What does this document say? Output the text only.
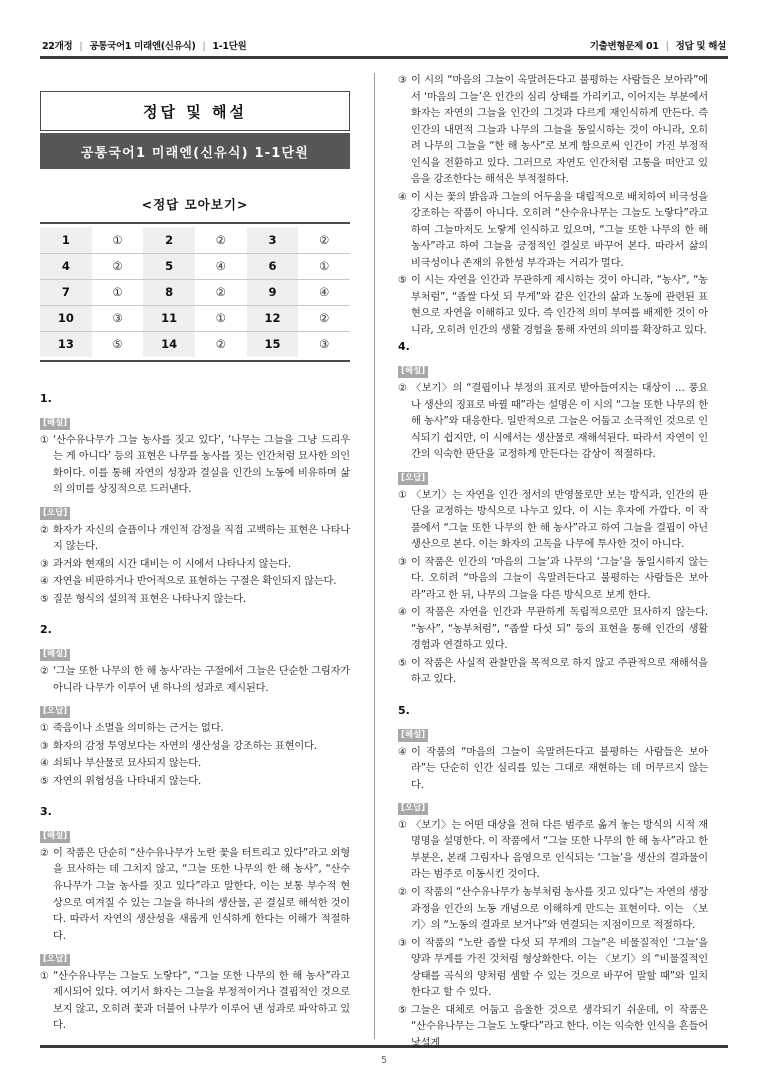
22개정 | 공통국어1 미래엔(신유식) | 1-1단원	기출변형문제 01 | 정답 및 해설
정답 및 해설
공통국어1 미래엔(신유식) 1-1단원
<정답 모아보기>
1	①	2	②	3	②
4	②	5	④	6	①
7	①	8	②	9	④
10	③	11	①	12	②
13	⑤	14	②	15	③
1.
[해설]
① ‘산수유나무가 그늘 농사를 짓고 있다’, ‘나무는 그늘을 그냥 드리우는 게 아니다’ 등의 표현은 나무를 농사를 짓는 인간처럼 묘사한 의인화이다. 이를 통해 자연의 성장과 결실을 인간의 노동에 비유하며 삶의 의미를 상징적으로 드러낸다.
[오답]
② 화자가 자신의 슬픔이나 개인적 감정을 직접 고백하는 표현은 나타나지 않는다.
③ 과거와 현재의 시간 대비는 이 시에서 나타나지 않는다.
④ 자연을 비판하거나 반어적으로 표현하는 구절은 확인되지 않는다.
⑤ 질문 형식의 설의적 표현은 나타나지 않는다.
2.
[해설]
② ‘그늘 또한 나무의 한 해 농사’라는 구절에서 그늘은 단순한 그림자가 아니라 나무가 이루어 낸 하나의 성과로 제시된다.
[오답]
① 죽음이나 소멸을 의미하는 근거는 없다.
③ 화자의 감정 투영보다는 자연의 생산성을 강조하는 표현이다.
④ 쇠퇴나 부산물로 묘사되지 않는다.
⑤ 자연의 위협성을 나타내지 않는다.
3.
[해설]
② 이 작품은 단순히 “산수유나무가 노란 꽃을 터트리고 있다”라고 외형을 묘사하는 데 그치지 않고, “그늘 또한 나무의 한 해 농사”, “산수유나무가 그늘 농사를 짓고 있다”라고 말한다. 이는 보통 부수적 현상으로 여겨질 수 있는 그늘을 하나의 생산물, 곧 결실로 해석한 것이다. 따라서 자연의 생산성을 새롭게 인식하게 한다는 이해가 적절하다.
[오답]
① “산수유나무는 그늘도 노랗다”, “그늘 또한 나무의 한 해 농사”라고 제시되어 있다. 여기서 화자는 그늘을 부정적이거나 결핍적인 것으로 보지 않고, 오히려 꽃과 더불어 나무가 이루어 낸 성과로 파악하고 있다.
③ 이 시의 “마음의 그늘이 옥말려든다고 불평하는 사람들은 보아라”에서 ‘마음의 그늘’은 인간의 심리 상태를 가리키고, 이어지는 부분에서 화자는 자연의 그늘을 인간의 그것과 다르게 재인식하게 만든다. 즉 인간의 내면적 그늘과 나무의 그늘을 동일시하는 것이 아니라, 오히려 나무의 그늘을 “한 해 농사”로 보게 함으로써 인간이 가진 부정적 인식을 전환하고 있다. 그러므로 자연도 인간처럼 고통을 떠안고 있음을 강조한다는 해석은 부적절하다.
④ 이 시는 꽃의 밝음과 그늘의 어두움을 대립적으로 배치하여 비극성을 강조하는 작품이 아니다. 오히려 “산수유나무는 그늘도 노랗다”라고 하여 그늘마저도 노랗게 인식하고 있으며, “그늘 또한 나무의 한 해 농사”라고 하여 그늘을 긍정적인 결실로 바꾸어 본다. 따라서 삶의 비극성이나 존재의 유한성 부각과는 거리가 멀다.
⑤ 이 시는 자연을 인간과 무관하게 제시하는 것이 아니라, “농사”, “농부처럼”, “좁쌀 다섯 되 무게”와 같은 인간의 삶과 노동에 관련된 표현으로 자연을 이해하고 있다. 즉 인간적 의미 부여를 배제한 것이 아니라, 오히려 인간의 생활 경험을 통해 자연의 의미를 확장하고 있다.
4.
[해설]
② 〈보기〉의 “결핍이나 부정의 표지로 받아들여지는 대상이 … 풍요나 생산의 징표로 바뀔 때”라는 설명은 이 시의 “그늘 또한 나무의 한 해 농사”와 대응한다. 일반적으로 그늘은 어둡고 소극적인 것으로 인식되기 쉽지만, 이 시에서는 생산물로 재해석된다. 따라서 자연이 인간의 익숙한 판단을 교정하게 만든다는 감상이 적절하다.
[오답]
① 〈보기〉는 자연을 인간 정서의 반영물로만 보는 방식과, 인간의 판단을 교정하는 방식으로 나누고 있다. 이 시는 후자에 가깝다. 이 작품에서 “그늘 또한 나무의 한 해 농사”라고 하여 그늘을 결핍이 아닌 생산으로 본다. 이는 화자의 고독을 나무에 투사한 것이 아니다.
③ 이 작품은 인간의 ‘마음의 그늘’과 나무의 ‘그늘’을 동일시하지 않는다. 오히려 “마음의 그늘이 옥말려든다고 불평하는 사람들은 보아라”라고 한 뒤, 나무의 그늘을 다른 방식으로 보게 한다.
④ 이 작품은 자연을 인간과 무관하게 독립적으로만 묘사하지 않는다. “농사”, “농부처럼”, “좁쌀 다섯 되” 등의 표현을 통해 인간의 생활 경험과 연결하고 있다.
⑤ 이 작품은 사실적 관찰만을 목적으로 하지 않고 주관적으로 재해석을 하고 있다.
5.
[해설]
④ 이 작품의 “마음의 그늘이 옥말려든다고 불평하는 사람들은 보아라”는 단순히 인간 심리를 있는 그대로 재현하는 데 머무르지 않는다.
[오답]
① 〈보기〉는 어떤 대상을 전혀 다른 범주로 옮겨 놓는 방식의 시적 재명명을 설명한다. 이 작품에서 “그늘 또한 나무의 한 해 농사”라고 한 부분은, 본래 그림자나 음영으로 인식되는 ‘그늘’을 생산의 결과물이라는 범주로 이동시킨 것이다.
② 이 작품의 “산수유나무가 농부처럼 농사를 짓고 있다”는 자연의 생장 과정을 인간의 노동 개념으로 이해하게 만드는 표현이다. 이는 〈보기〉의 “노동의 결과로 보거나”와 연결되는 지점이므로 적절하다.
③ 이 작품의 “노란 좁쌀 다섯 되 무게의 그늘”은 비물질적인 ‘그늘’을 양과 무게를 가진 것처럼 형상화한다. 이는 〈보기〉의 “비물질적인 상태를 곡식의 양처럼 셈할 수 있는 것으로 바꾸어 말할 때”와 일치한다고 할 수 있다.
⑤ 그늘은 대체로 어둡고 음울한 것으로 생각되기 쉬운데, 이 작품은 “산수유나무는 그늘도 노랗다”라고 한다. 이는 익숙한 인식을 흔들어 낯설게
5
